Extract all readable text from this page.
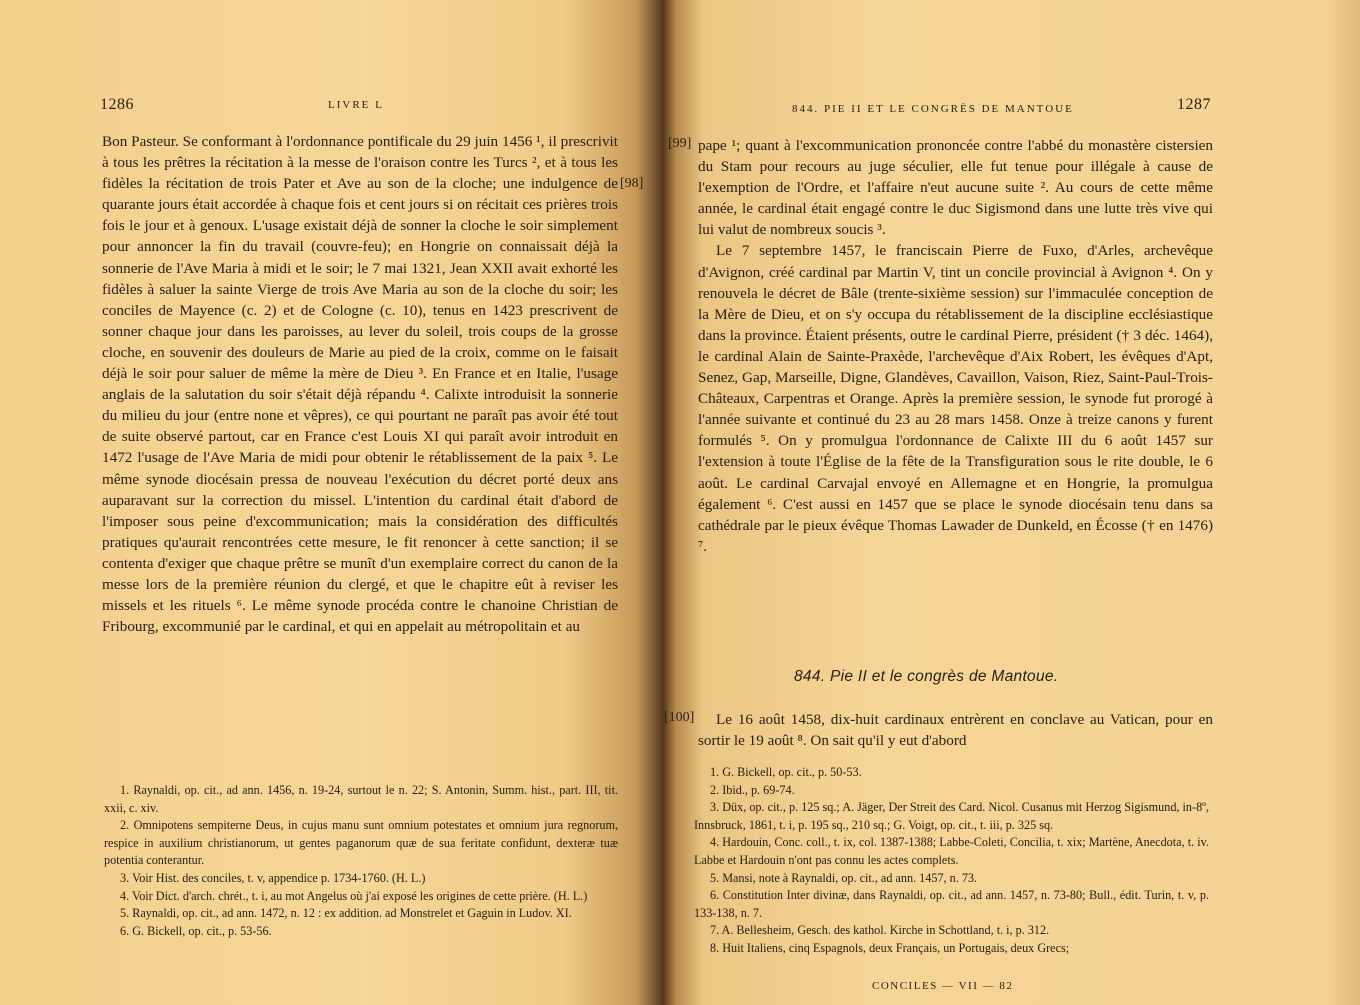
1286	LIVRE L
[98]

Bon Pasteur. Se conformant à l'ordonnance pontificale du 29 juin 1456 ¹, il prescrivit à tous les prêtres la récitation à la messe de l'oraison contre les Turcs ², et à tous les fidèles la récitation de trois Pater et Ave au son de la cloche; une indulgence de quarante jours était accordée à chaque fois et cent jours si on récitait ces prières trois fois le jour et à genoux. L'usage existait déjà de sonner la cloche le soir simplement pour annoncer la fin du travail (couvre-feu); en Hongrie on connaissait déjà la sonnerie de l'Ave Maria à midi et le soir; le 7 mai 1321, Jean XXII avait exhorté les fidèles à saluer la sainte Vierge de trois Ave Maria au son de la cloche du soir; les conciles de Mayence (c. 2) et de Cologne (c. 10), tenus en 1423 prescrivent de sonner chaque jour dans les paroisses, au lever du soleil, trois coups de la grosse cloche, en souvenir des douleurs de Marie au pied de la croix, comme on le faisait déjà le soir pour saluer de même la mère de Dieu ³. En France et en Italie, l'usage anglais de la salutation du soir s'était déjà répandu ⁴. Calixte introduisit la sonnerie du milieu du jour (entre none et vêpres), ce qui pourtant ne paraît pas avoir été tout de suite observé partout, car en France c'est Louis XI qui paraît avoir introduit en 1472 l'usage de l'Ave Maria de midi pour obtenir le rétablissement de la paix ⁵. Le même synode diocésain pressa de nouveau l'exécution du décret porté deux ans auparavant sur la correction du missel. L'intention du cardinal était d'abord de l'imposer sous peine d'excommunication; mais la considération des difficultés pratiques qu'aurait rencontrées cette mesure, le fit renoncer à cette sanction; il se contenta d'exiger que chaque prêtre se munît d'un exemplaire correct du canon de la messe lors de la première réunion du clergé, et que le chapitre eût à reviser les missels et les rituels ⁶. Le même synode procéda contre le chanoine Christian de Fribourg, excommunié par le cardinal, et qui en appelait au métropolitain et au

1. Raynaldi, op. cit., ad ann. 1456, n. 19-24, surtout le n. 22; S. Antonin, Summ. hist., part. III, tit. xxii, c. xiv.

2. Omnipotens sempiterne Deus, in cujus manu sunt omnium potestates et omnium jura regnorum, respice in auxilium christianorum, ut gentes paganorum quæ de sua feritate confidunt, dexteræ tuæ potentia conterantur.

3. Voir Hist. des conciles, t. v, appendice p. 1734-1760. (H. L.)

4. Voir Dict. d'arch. chrét., t. i, au mot Angelus où j'ai exposé les origines de cette prière. (H. L.)

5. Raynaldi, op. cit., ad ann. 1472, n. 12 : ex addition. ad Monstrelet et Gaguin in Ludov. XI.

6. G. Bickell, op. cit., p. 53-56.

844. PIE II ET LE CONGRÈS DE MANTOUE	1287
[99]
[100]

pape ¹; quant à l'excommunication prononcée contre l'abbé du monastère cistersien du Stam pour recours au juge séculier, elle fut tenue pour illégale à cause de l'exemption de l'Ordre, et l'affaire n'eut aucune suite ². Au cours de cette même année, le cardinal était engagé contre le duc Sigismond dans une lutte très vive qui lui valut de nombreux soucis ³.

Le 7 septembre 1457, le franciscain Pierre de Fuxo, d'Arles, archevêque d'Avignon, créé cardinal par Martin V, tint un concile provincial à Avignon ⁴. On y renouvela le décret de Bâle (trente-sixième session) sur l'immaculée conception de la Mère de Dieu, et on s'y occupa du rétablissement de la discipline ecclésiastique dans la province. Étaient présents, outre le cardinal Pierre, président († 3 déc. 1464), le cardinal Alain de Sainte-Praxède, l'archevêque d'Aix Robert, les évêques d'Apt, Senez, Gap, Marseille, Digne, Glandèves, Cavaillon, Vaison, Riez, Saint-Paul-Trois-Châteaux, Carpentras et Orange. Après la première session, le synode fut prorogé à l'année suivante et continué du 23 au 28 mars 1458. Onze à treize canons y furent formulés ⁵. On y promulgua l'ordonnance de Calixte III du 6 août 1457 sur l'extension à toute l'Église de la fête de la Transfiguration sous le rite double, le 6 août. Le cardinal Carvajal envoyé en Allemagne et en Hongrie, la promulgua également ⁶. C'est aussi en 1457 que se place le synode diocésain tenu dans sa cathédrale par le pieux évêque Thomas Lawader de Dunkeld, en Écosse († en 1476) ⁷.

844. Pie II et le congrès de Mantoue.

Le 16 août 1458, dix-huit cardinaux entrèrent en conclave au Vatican, pour en sortir le 19 août ⁸. On sait qu'il y eut d'abord

1. G. Bickell, op. cit., p. 50-53.

2. Ibid., p. 69-74.

3. Düx, op. cit., p. 125 sq.; A. Jäger, Der Streit des Card. Nicol. Cusanus mit Herzog Sigismund, in-8º, Innsbruck, 1861, t. i, p. 195 sq., 210 sq.; G. Voigt, op. cit., t. iii, p. 325 sq.

4. Hardouin, Conc. coll., t. ix, col. 1387-1388; Labbe-Coleti, Concilia, t. xix; Martène, Anecdota, t. iv. Labbe et Hardouin n'ont pas connu les actes complets.

5. Mansi, note à Raynaldi, op. cit., ad ann. 1457, n. 73.

6. Constitution Inter divinæ, dans Raynaldi, op. cit., ad ann. 1457, n. 73-80; Bull., édit. Turin, t. v, p. 133-138, n. 7.

7. A. Bellesheim, Gesch. des kathol. Kirche in Schottland, t. i, p. 312.

8. Huit Italiens, cinq Espagnols, deux Français, un Portugais, deux Grecs;

CONCILES — VII — 82
